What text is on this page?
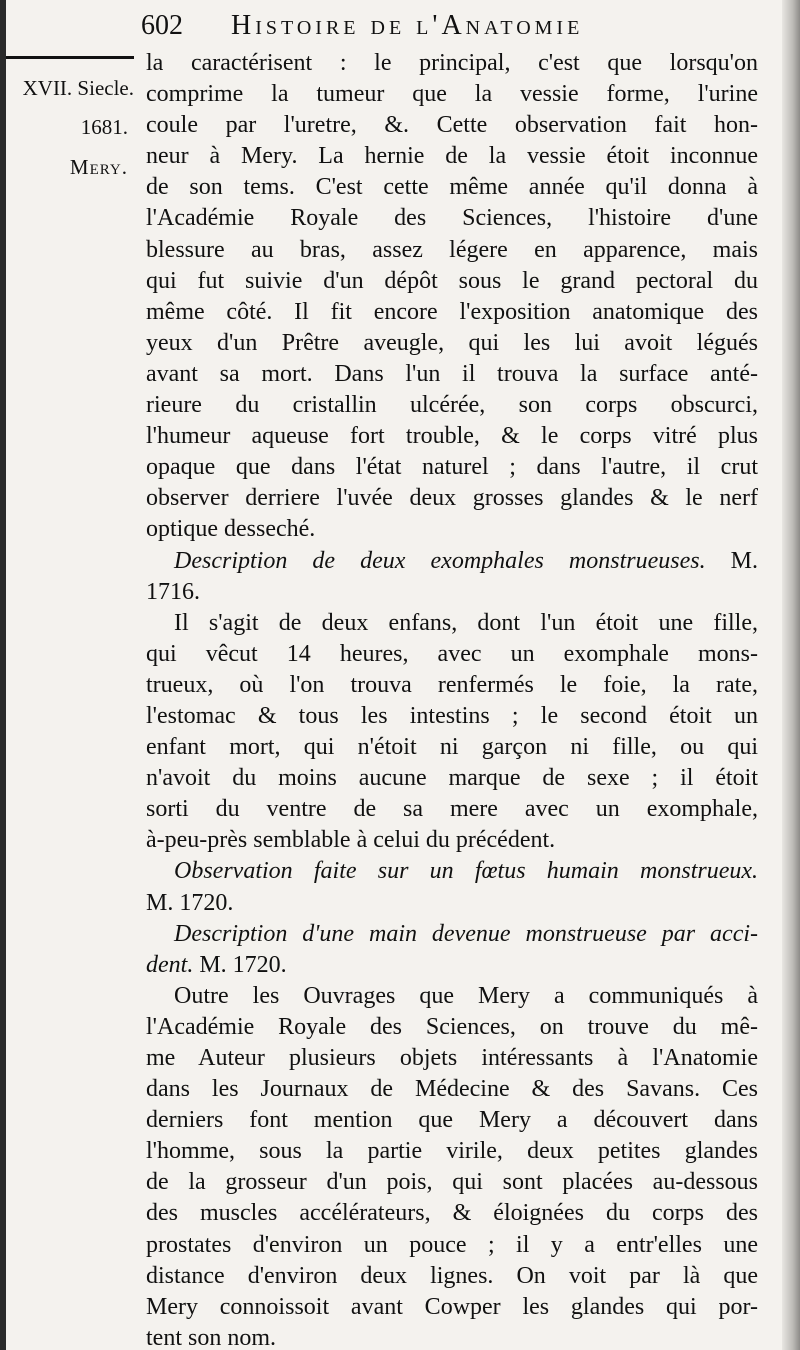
602 Histoire de l'Anatomie
XVII. Siecle.
1681.
Mery.
la caractérisent : le principal, c'est que lorsqu'on
comprime la tumeur que la vessie forme, l'urine
coule par l'uretre, &. Cette observation fait hon-
neur à Mery. La hernie de la vessie étoit inconnue
de son tems. C'est cette même année qu'il donna à
l'Académie Royale des Sciences, l'histoire d'une
blessure au bras, assez légere en apparence, mais
qui fut suivie d'un dépôt sous le grand pectoral du
même côté. Il fit encore l'exposition anatomique des
yeux d'un Prêtre aveugle, qui les lui avoit légués
avant sa mort. Dans l'un il trouva la surface anté-
rieure du cristallin ulcérée, son corps obscurci,
l'humeur aqueuse fort trouble, & le corps vitré plus
opaque que dans l'état naturel ; dans l'autre, il crut
observer derriere l'uvée deux grosses glandes & le nerf
optique desseché.
Description de deux exomphales monstrueuses. M.
1716.
Il s'agit de deux enfans, dont l'un étoit une fille,
qui vêcut 14 heures, avec un exomphale mons-
trueux, où l'on trouva renfermés le foie, la rate,
l'estomac & tous les intestins ; le second étoit un
enfant mort, qui n'étoit ni garçon ni fille, ou qui
n'avoit du moins aucune marque de sexe ; il étoit
sorti du ventre de sa mere avec un exomphale,
à-peu-près semblable à celui du précédent.
Observation faite sur un fœtus humain monstrueux.
M. 1720.
Description d'une main devenue monstrueuse par acci-
dent. M. 1720.
Outre les Ouvrages que Mery a communiqués à
l'Académie Royale des Sciences, on trouve du mê-
me Auteur plusieurs objets intéressants à l'Anatomie
dans les Journaux de Médecine & des Savans. Ces
derniers font mention que Mery a découvert dans
l'homme, sous la partie virile, deux petites glandes
de la grosseur d'un pois, qui sont placées au-dessous
des muscles accélérateurs, & éloignées du corps des
prostates d'environ un pouce ; il y a entr'elles une
distance d'environ deux lignes. On voit par là que
Mery connoissoit avant Cowper les glandes qui por-
tent son nom.
